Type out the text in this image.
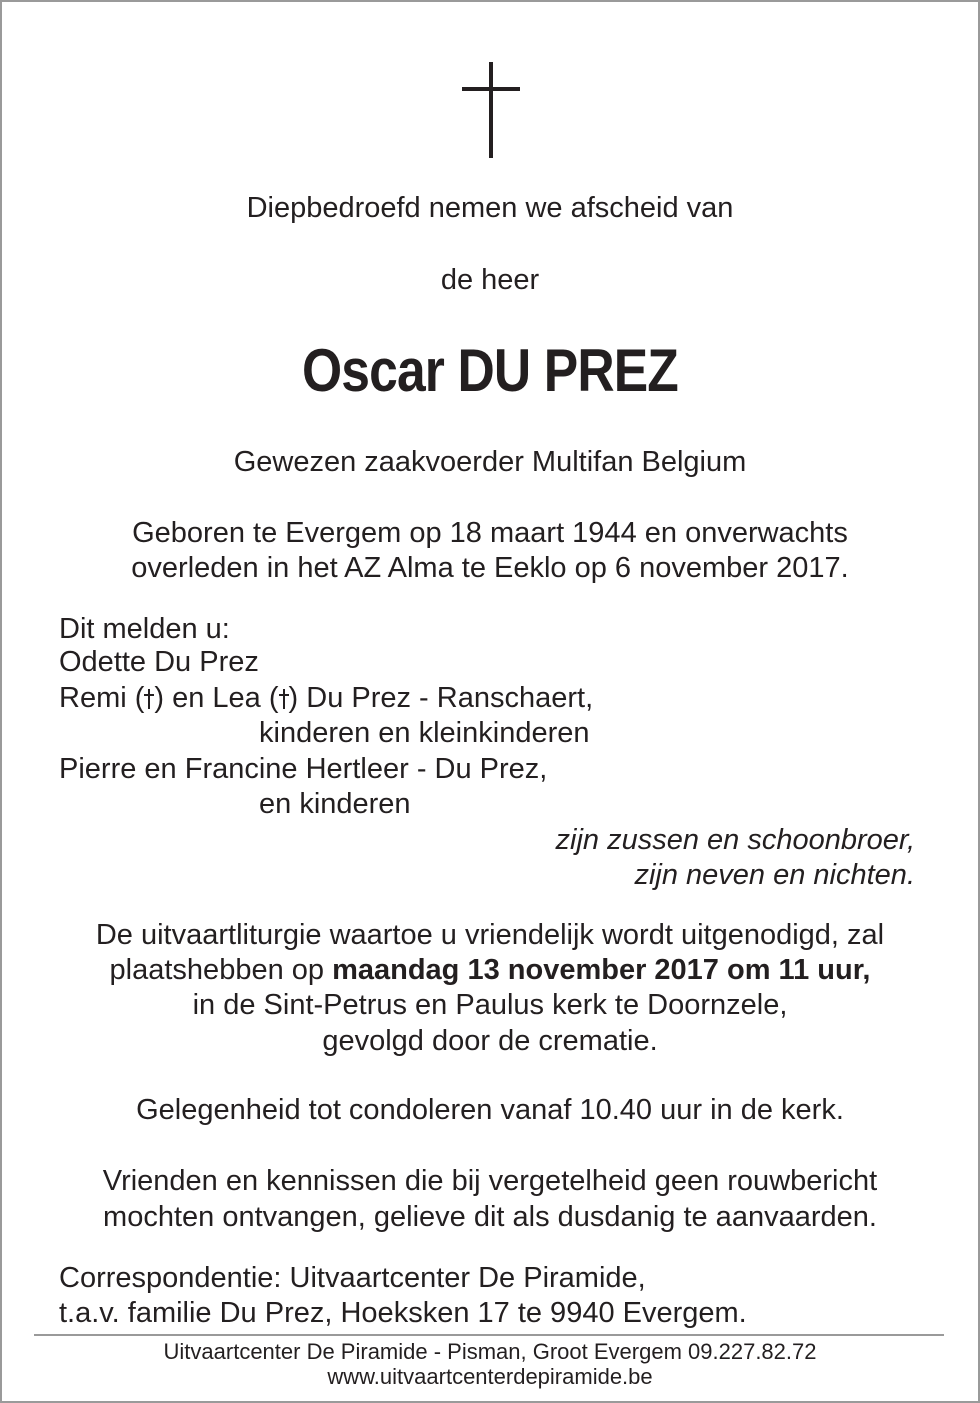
Diepbedroefd nemen we afscheid van
de heer
Oscar DU PREZ
Gewezen zaakvoerder Multifan Belgium
Geboren te Evergem op 18 maart 1944 en onverwachts
overleden in het AZ Alma te Eeklo op 6 november 2017.
Dit melden u:
Odette Du Prez
Remi ( ) en Lea ( ) Du Prez - Ranschaert,
kinderen en kleinkinderen
Pierre en Francine Hertleer - Du Prez,
en kinderen
zijn zussen en schoonbroer,
zijn neven en nichten.
De uitvaartliturgie waartoe u vriendelijk wordt uitgenodigd, zal
plaatshebben op maandag 13 november 2017 om 11 uur,
in de Sint-Petrus en Paulus kerk te Doornzele,
gevolgd door de crematie.
Gelegenheid tot condoleren vanaf 10.40 uur in de kerk.
Vrienden en kennissen die bij vergetelheid geen rouwbericht
mochten ontvangen, gelieve dit als dusdanig te aanvaarden.
Correspondentie: Uitvaartcenter De Piramide,
t.a.v. familie Du Prez, Hoeksken 17 te 9940 Evergem.
Uitvaartcenter De Piramide - Pisman, Groot Evergem 09.227.82.72
www.uitvaartcenterdepiramide.be
